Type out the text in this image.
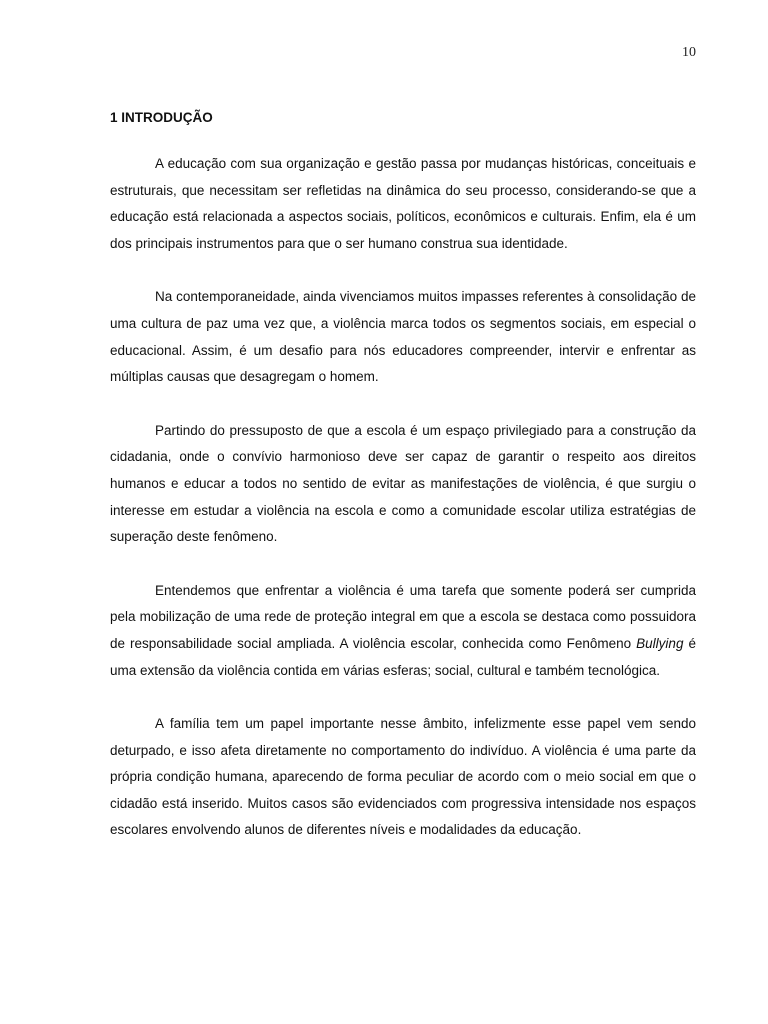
10
1 INTRODUÇÃO

A educação com sua organização e gestão passa por mudanças históricas, conceituais e estruturais, que necessitam ser refletidas na dinâmica do seu processo, considerando-se que a educação está relacionada a aspectos sociais, políticos, econômicos e culturais. Enfim, ela é um dos principais instrumentos para que o ser humano construa sua identidade.

Na contemporaneidade, ainda vivenciamos muitos impasses referentes à consolidação de uma cultura de paz uma vez que, a violência marca todos os segmentos sociais, em especial o educacional. Assim, é um desafio para nós educadores compreender, intervir e enfrentar as múltiplas causas que desagregam o homem.

Partindo do pressuposto de que a escola é um espaço privilegiado para a construção da cidadania, onde o convívio harmonioso deve ser capaz de garantir o respeito aos direitos humanos e educar a todos no sentido de evitar as manifestações de violência, é que surgiu o interesse em estudar a violência na escola e como a comunidade escolar utiliza estratégias de superação deste fenômeno.

Entendemos que enfrentar a violência é uma tarefa que somente poderá ser cumprida pela mobilização de uma rede de proteção integral em que a escola se destaca como possuidora de responsabilidade social ampliada. A violência escolar, conhecida como Fenômeno Bullying é uma extensão da violência contida em várias esferas; social, cultural e também tecnológica.

A família tem um papel importante nesse âmbito, infelizmente esse papel vem sendo deturpado, e isso afeta diretamente no comportamento do indivíduo. A violência é uma parte da própria condição humana, aparecendo de forma peculiar de acordo com o meio social em que o cidadão está inserido. Muitos casos são evidenciados com progressiva intensidade nos espaços escolares envolvendo alunos de diferentes níveis e modalidades da educação.
